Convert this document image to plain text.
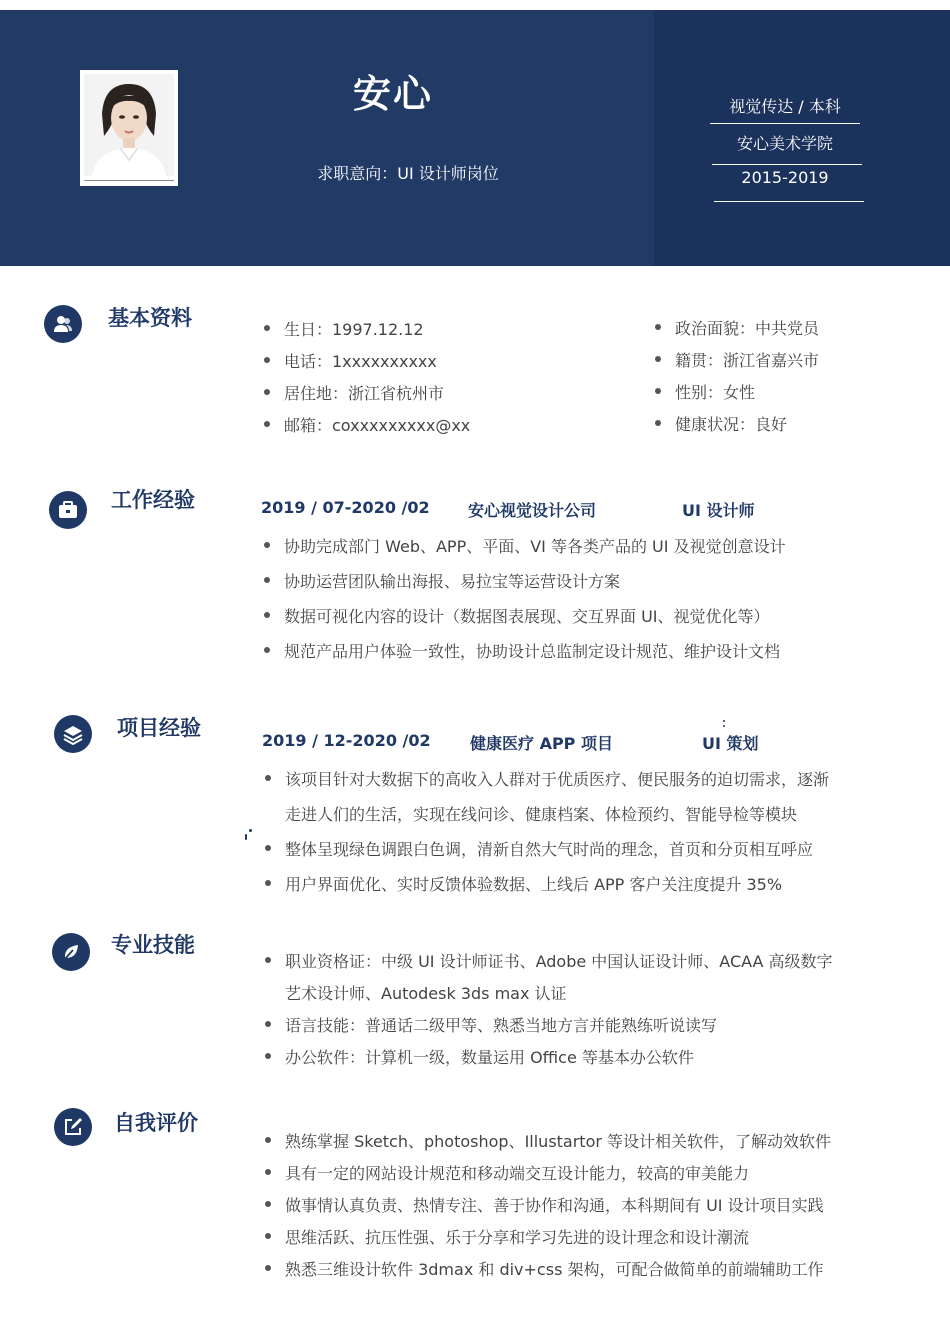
安心
求职意向：UI 设计师岗位
视觉传达 / 本科
安心美术学院
2015-2019
基本资料	生日：1997.12.12
电话：1xxxxxxxxxx
居住地：浙江省杭州市
邮箱：coxxxxxxxxx@xx
政治面貌：中共党员
籍贯：浙江省嘉兴市
性别：女性
健康状况：良好
工作经验	2019 / 07-2020 /02 安心视觉设计公司	UI 设计师
协助完成部门 Web、APP、平面、VI 等各类产品的 UI 及视觉创意设计
协助运营团队输出海报、易拉宝等运营设计方案
数据可视化内容的设计（数据图表展现、交互界面 UI、视觉优化等）
规范产品用户体验一致性，协助设计总监制定设计规范、维护设计文档
项目经验
2019 / 12-2020 /02 健康医疗 APP 项目	UI 策划
该项目针对大数据下的高收入人群对于优质医疗、便民服务的迫切需求，逐渐
走进人们的生活，实现在线问诊、健康档案、体检预约、智能导检等模块
整体呈现绿色调跟白色调，清新自然大气时尚的理念，首页和分页相互呼应
用户界面优化、实时反馈体验数据、上线后 APP 客户关注度提升 35%
专业技能
职业资格证：中级 UI 设计师证书、Adobe 中国认证设计师、ACAA 高级数字
艺术设计师、Autodesk 3ds max 认证
语言技能：普通话二级甲等、熟悉当地方言并能熟练听说读写
办公软件：计算机一级，数量运用 Office 等基本办公软件
自我评价
熟练掌握 Sketch、photoshop、Illustartor 等设计相关软件，了解动效软件
具有一定的网站设计规范和移动端交互设计能力，较高的审美能力
做事情认真负责、热情专注、善于协作和沟通，本科期间有 UI 设计项目实践
思维活跃、抗压性强、乐于分享和学习先进的设计理念和设计潮流
熟悉三维设计软件 3dmax 和 div+css 架构，可配合做简单的前端辅助工作
